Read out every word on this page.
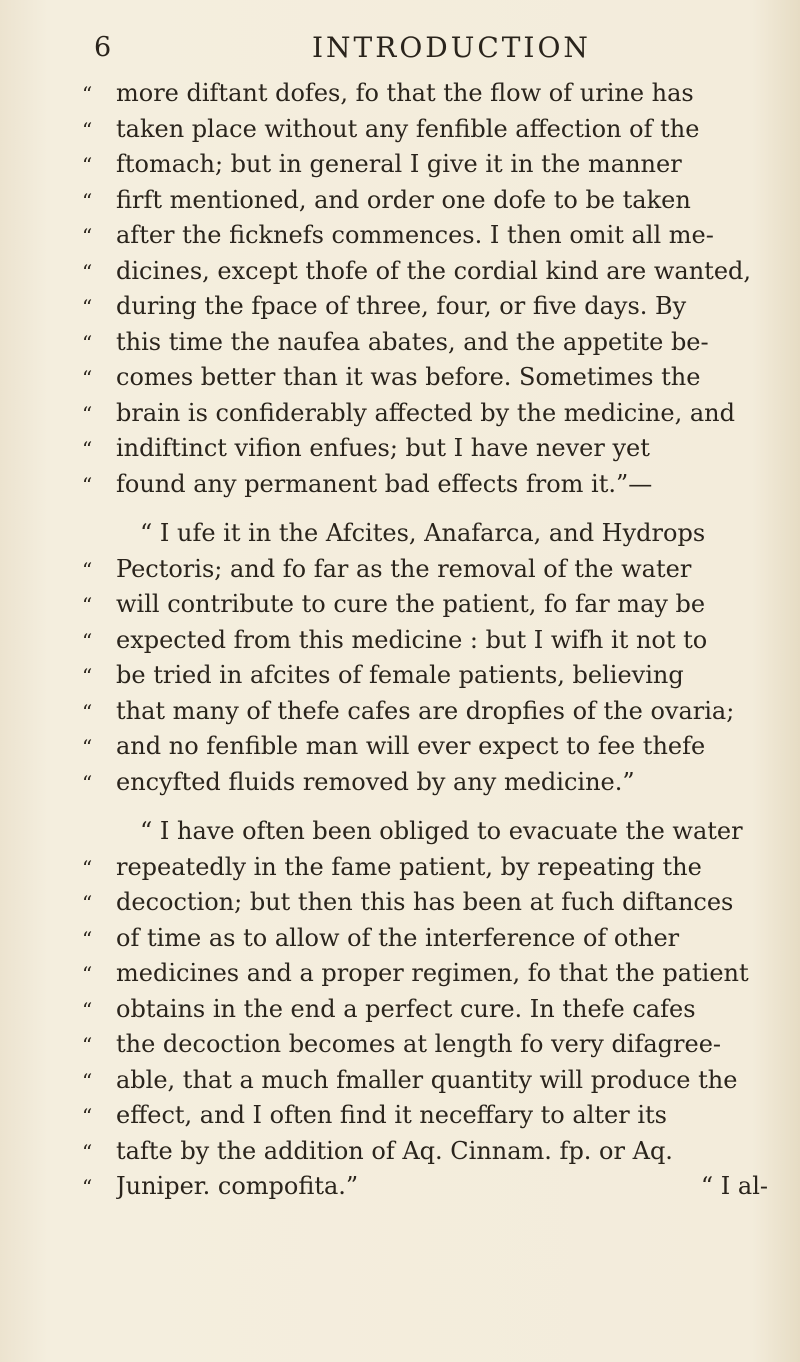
6	INTRODUCTION
“ more diftant dofes, fo that the flow of urine has
“ taken place without any fenfible affection of the
“ ftomach; but in general I give it in the manner
“ firft mentioned, and order one dofe to be taken
“ after the ficknefs commences. I then omit all me-
“ dicines, except thofe of the cordial kind are wanted,
“ during the fpace of three, four, or five days. By
“ this time the naufea abates, and the appetite be-
“ comes better than it was before. Sometimes the
“ brain is confiderably affected by the medicine, and
“ indiftinct vifion enfues; but I have never yet
“ found any permanent bad effects from it.”—
“ I ufe it in the Afcites, Anafarca, and Hydrops
“ Pectoris; and fo far as the removal of the water
“ will contribute to cure the patient, fo far may be
“ expected from this medicine : but I wifh it not to
“ be tried in afcites of female patients, believing
“ that many of thefe cafes are dropfies of the ovaria;
“ and no fenfible man will ever expect to fee thefe
“ encyfted fluids removed by any medicine.”
“ I have often been obliged to evacuate the water
“ repeatedly in the fame patient, by repeating the
“ decoction; but then this has been at fuch diftances
“ of time as to allow of the interference of other
“ medicines and a proper regimen, fo that the patient
“ obtains in the end a perfect cure. In thefe cafes
“ the decoction becomes at length fo very difagree-
“ able, that a much fmaller quantity will produce the
“ effect, and I often find it neceffary to alter its
“ tafte by the addition of Aq. Cinnam. fp. or Aq.
“ Juniper. compofita.”	“ I al-
